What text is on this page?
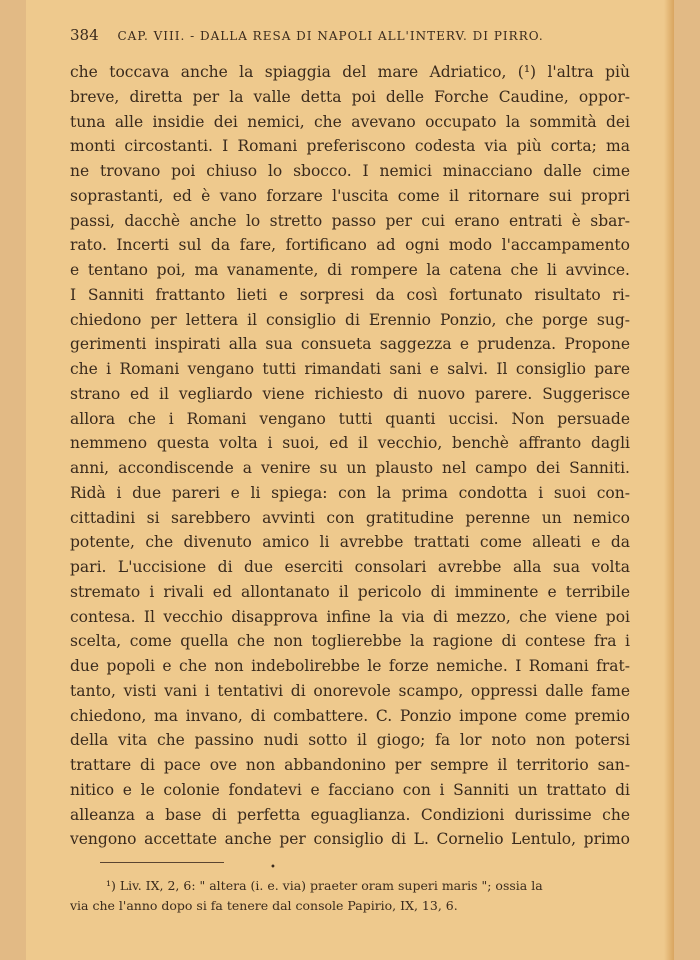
384 CAP. VIII. - DALLA RESA DI NAPOLI ALL'INTERV. DI PIRRO.
che toccava anche la spiaggia del mare Adriatico, (¹) l'altra più
breve, diretta per la valle detta poi delle Forche Caudine, oppor-
tuna alle insidie dei nemici, che avevano occupato la sommità dei
monti circostanti. I Romani preferiscono codesta via più corta; ma
ne trovano poi chiuso lo sbocco. I nemici minacciano dalle cime
soprastanti, ed è vano forzare l'uscita come il ritornare sui propri
passi, dacchè anche lo stretto passo per cui erano entrati è sbar-
rato. Incerti sul da fare, fortificano ad ogni modo l'accampamento
e tentano poi, ma vanamente, di rompere la catena che li avvince.
I Sanniti frattanto lieti e sorpresi da così fortunato risultato ri-
chiedono per lettera il consiglio di Erennio Ponzio, che porge sug-
gerimenti inspirati alla sua consueta saggezza e prudenza. Propone
che i Romani vengano tutti rimandati sani e salvi. Il consiglio pare
strano ed il vegliardo viene richiesto di nuovo parere. Suggerisce
allora che i Romani vengano tutti quanti uccisi. Non persuade
nemmeno questa volta i suoi, ed il vecchio, benchè affranto dagli
anni, accondiscende a venire su un plausto nel campo dei Sanniti.
Ridà i due pareri e li spiega: con la prima condotta i suoi con-
cittadini si sarebbero avvinti con gratitudine perenne un nemico
potente, che divenuto amico li avrebbe trattati come alleati e da
pari. L'uccisione di due eserciti consolari avrebbe alla sua volta
stremato i rivali ed allontanato il pericolo di imminente e terribile
contesa. Il vecchio disapprova infine la via di mezzo, che viene poi
scelta, come quella che non toglierebbe la ragione di contese fra i
due popoli e che non indebolirebbe le forze nemiche. I Romani frat-
tanto, visti vani i tentativi di onorevole scampo, oppressi dalle fame
chiedono, ma invano, di combattere. C. Ponzio impone come premio
della vita che passino nudi sotto il giogo; fa lor noto non potersi
trattare di pace ove non abbandonino per sempre il territorio san-
nitico e le colonie fondatevi e facciano con i Sanniti un trattato di
alleanza a base di perfetta eguaglianza. Condizioni durissime che
vengono accettate anche per consiglio di L. Cornelio Lentulo, primo
•
¹) Liv. IX, 2, 6: " altera (i. e. via) praeter oram superi maris "; ossia la
via che l'anno dopo si fa tenere dal console Papirio, IX, 13, 6.
